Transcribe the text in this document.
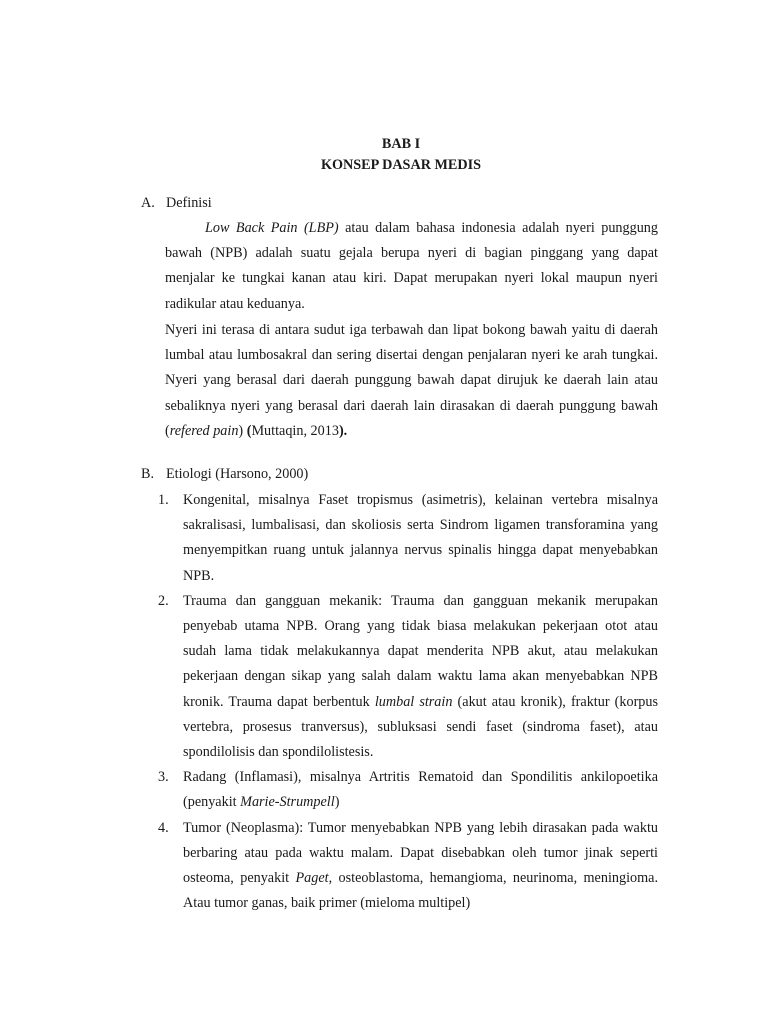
BAB I
KONSEP DASAR MEDIS
A. Definisi

Low Back Pain (LBP) atau dalam bahasa indonesia adalah nyeri punggung bawah (NPB) adalah suatu gejala berupa nyeri di bagian pinggang yang dapat menjalar ke tungkai kanan atau kiri. Dapat merupakan nyeri lokal maupun nyeri radikular atau keduanya.

Nyeri ini terasa di antara sudut iga terbawah dan lipat bokong bawah yaitu di daerah lumbal atau lumbosakral dan sering disertai dengan penjalaran nyeri ke arah tungkai. Nyeri yang berasal dari daerah punggung bawah dapat dirujuk ke daerah lain atau sebaliknya nyeri yang berasal dari daerah lain dirasakan di daerah punggung bawah (refered pain) (Muttaqin, 2013).

B. Etiologi (Harsono, 2000)
1.	Kongenital, misalnya Faset tropismus (asimetris), kelainan vertebra misalnya sakralisasi, lumbalisasi, dan skoliosis serta Sindrom ligamen transforamina yang menyempitkan ruang untuk jalannya nervus spinalis hingga dapat menyebabkan NPB.

2.	Trauma dan gangguan mekanik: Trauma dan gangguan mekanik merupakan penyebab utama NPB. Orang yang tidak biasa melakukan pekerjaan otot atau sudah lama tidak melakukannya dapat menderita NPB akut, atau melakukan pekerjaan dengan sikap yang salah dalam waktu lama akan menyebabkan NPB kronik. Trauma dapat berbentuk lumbal strain (akut atau kronik), fraktur (korpus vertebra, prosesus tranversus), subluksasi sendi faset (sindroma faset), atau spondilolisis dan spondilolistesis.

3.	Radang (Inflamasi), misalnya Artritis Rematoid dan Spondilitis ankilopoetika (penyakit Marie-Strumpell)

4.	Tumor (Neoplasma): Tumor menyebabkan NPB yang lebih dirasakan pada waktu berbaring atau pada waktu malam. Dapat disebabkan oleh tumor jinak seperti osteoma, penyakit Paget, osteoblastoma, hemangioma, neurinoma, meningioma. Atau tumor ganas, baik primer (mieloma multipel)
